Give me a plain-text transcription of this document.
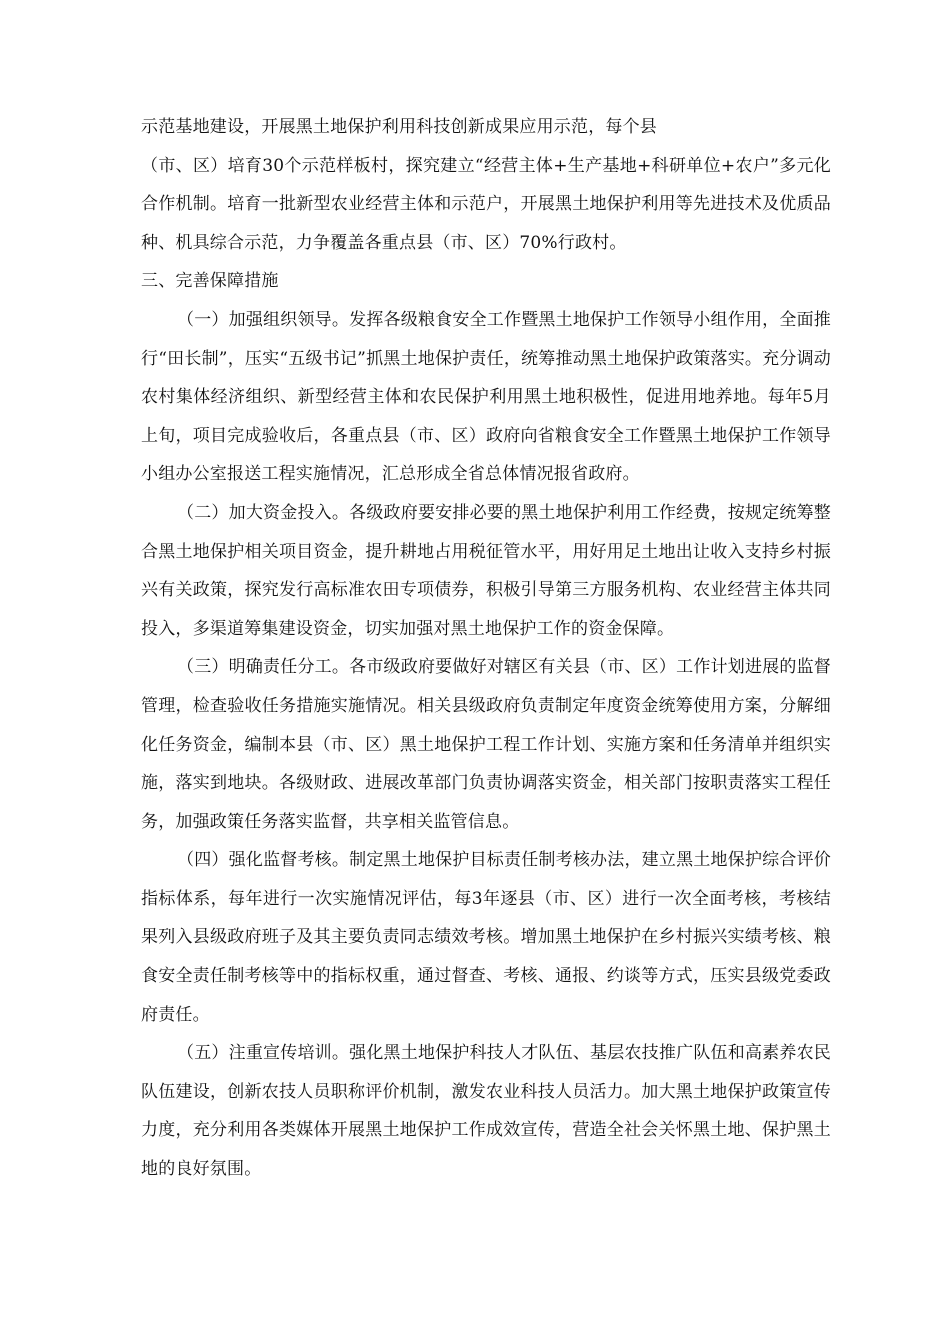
示范基地建设，开展黑土地保护利用科技创新成果应用示范，每个县
（市、区）培育30个示范样板村，探究建立“经营主体+生产基地+科研单位+农户”多元化合作机制。培育一批新型农业经营主体和示范户，开展黑土地保护利用等先进技术及优质品种、机具综合示范，力争覆盖各重点县（市、区）70%行政村。

三、完善保障措施

（一）加强组织领导。发挥各级粮食安全工作暨黑土地保护工作领导小组作用，全面推行“田长制”，压实“五级书记”抓黑土地保护责任，统筹推动黑土地保护政策落实。充分调动农村集体经济组织、新型经营主体和农民保护利用黑土地积极性，促进用地养地。每年5月上旬，项目完成验收后，各重点县（市、区）政府向省粮食安全工作暨黑土地保护工作领导小组办公室报送工程实施情况，汇总形成全省总体情况报省政府。

（二）加大资金投入。各级政府要安排必要的黑土地保护利用工作经费，按规定统筹整合黑土地保护相关项目资金，提升耕地占用税征管水平，用好用足土地出让收入支持乡村振兴有关政策，探究发行高标准农田专项债券，积极引导第三方服务机构、农业经营主体共同投入，多渠道筹集建设资金，切实加强对黑土地保护工作的资金保障。

（三）明确责任分工。各市级政府要做好对辖区有关县（市、区）工作计划进展的监督管理，检查验收任务措施实施情况。相关县级政府负责制定年度资金统筹使用方案，分解细化任务资金，编制本县（市、区）黑土地保护工程工作计划、实施方案和任务清单并组织实施，落实到地块。各级财政、进展改革部门负责协调落实资金，相关部门按职责落实工程任务，加强政策任务落实监督，共享相关监管信息。

（四）强化监督考核。制定黑土地保护目标责任制考核办法，建立黑土地保护综合评价指标体系，每年进行一次实施情况评估，每3年逐县（市、区）进行一次全面考核，考核结果列入县级政府班子及其主要负责同志绩效考核。增加黑土地保护在乡村振兴实绩考核、粮食安全责任制考核等中的指标权重，通过督查、考核、通报、约谈等方式，压实县级党委政府责任。

（五）注重宣传培训。强化黑土地保护科技人才队伍、基层农技推广队伍和高素养农民队伍建设，创新农技人员职称评价机制，激发农业科技人员活力。加大黑土地保护政策宣传力度，充分利用各类媒体开展黑土地保护工作成效宣传，营造全社会关怀黑土地、保护黑土地的良好氛围。
